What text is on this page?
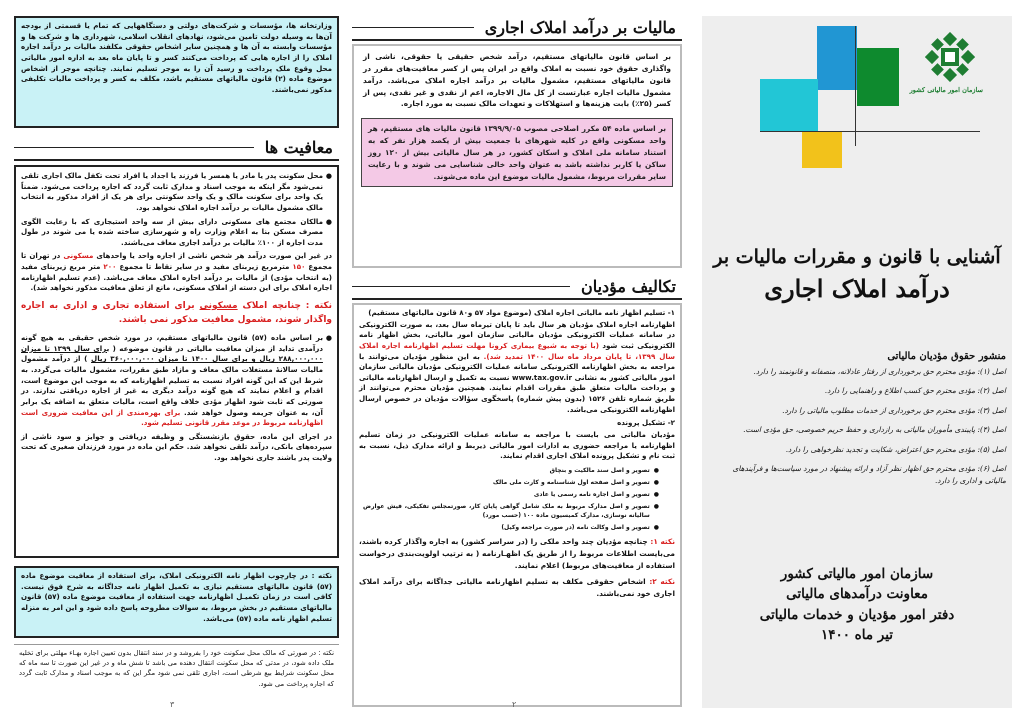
وزارتخانه ها، مؤسسات و شرکت‌های دولتی و دستگاههایی که تمام یا قسمتی از بودجه آن‌ها به وسیله دولت تامین می‌شود، نهادهای انقلاب اسلامی، شهرداری ها و شرکت ها و مؤسسات وابسته به آن ها و همچنین سایر اشخاص حقوقی مکلفند مالیات بر درآمد اجاره املاک را از اجاره هایی که پرداخت می‌کنند کسر و تا پایان ماه بعد به اداره امور مالیاتی محل وقوع ملک پرداخت و رسید آن را به موجر تسلیم نمایند. چنانچه موجر از اشخاص موضوع ماده (۲) قانون مالیاتهای مستقیم باشد، مکلف به کسر و پرداخت مالیات تکلیفی مذکور نمی‌باشند.

معافیت ها

● محل سکونت پدر یا مادر یا همسر یا فرزند یا اجداد یا افراد تحت تکفل مالک اجاری تلقی نمی‌شود مگر اینکه به موجب اسناد و مدارک ثابت گردد که اجاره پرداخت می‌شود. ضمناً یک واحد برای سکونت مالک و یک واحد سکونتی برای هر یک از افراد مذکور به انتخاب مالک مشمول مالیات بر درآمد اجاره املاک نخواهد بود.

● مالکان مجتمع های مسکونی دارای بیش از سه واحد استیجاری که با رعایت الگوی مصرف مسکن بنا به اعلام وزارت راه و شهرسازی ساخته شده یا می شوند در طول مدت اجاره از ۱۰۰٪ مالیات بر درآمد اجاری معاف می‌باشند.

در غیر این صورت درآمد هر شخص ناشی از اجاره واحد یا واحدهای مسکونی در تهران تا مجموع ۱۵۰ مترمربع زیربنای مفید و در سایر نقاط تا مجموع ۲۰۰ متر مربع زیربنای مفید (به انتخاب مؤدی) از مالیات بر درآمد اجاره املاک معاف می‌باشد. (عدم تسلیم اظهارنامه اجاره املاک برای این دسته از املاک مسکونی، مانع از تعلق معافیت مذکور نخواهد شد).

نکته : چنانچه املاک مسکونی برای استفاده تجاری و اداری به اجاره واگذار شوند، مشمول معافیت مذکور نمی باشند.

● بر اساس ماده (۵۷) قانون مالیاتهای مستقیم، در مورد شخص حقیقی به هیچ گونه درآمدی تداید از میزان معافیت مالیاتی در قانون موضوعه ( برای سال ۱۳۹۹ تا میزان ۲۸۸,۰۰۰,۰۰۰ ریال و برای سال ۱۴۰۰ تا میزان ۳۶۰,۰۰۰,۰۰۰ ریال ) از درآمد مشمول مالیات سالانهٔ مستغلات مالک معاف و مازاد طبق مقررات، مشمول مالیات می‌گردد. به شرط این که این گونه افراد نسبت به تسلیم اظهارنامه که به موجب این موضوع است، اقدام و اعلام نمایند که هیچ گونه درآمد دیگری به غیر از اجاره دریافتی ندارند. در صورتی که ثابت شود اظهار مؤدی خلاف واقع است، مالیات متعلق به اضافه یک برابر آن، به عنوان جریمه وصول خواهد شد. برای بهره‌مندی از این معافیت ضروری است اظهارنامه مربوط در موعد مقرر قانونی تسلیم شود.

در اجرای این ماده، حقوق بازنشستگی و وظیفه دریافتی و جوایز و سود ناشی از سپرده‌های بانکی، درآمد تلقی نخواهد شد. حکم این ماده در مورد فرزندان صغیری که تحت ولایت پدر باشند جاری نخواهد بود.

نکته : در چارچوب اظهار نامه الکترونیکی املاک، برای استفاده از معافیت موضوع ماده (۵۷) قانون مالیاتهای مستقیم نیازی به تکمیل اظهار نامه جداگانه به شرح فوق نیست. کافی است در زمان تکمیـل اظهارنامه جهت استفاده از معافیت موضوع ماده (۵۷) قانون مالیاتهای مستقیم در بخش مربوط، به سوالات مطروحه پاسخ داده شود و این امر به منزله تسلیم اظهار نامه ماده (۵۷) می‌باشد.

نکته : در صورتی که مالک محل سکونت خود را بفروشد و در سند انتقال بدون تعیین اجاره بهـاء مهلتی برای تخلیه ملک داده شود، در مدتی که محل سکونت انتقال دهنده می باشد تا شش ماه و در غیر این صورت تا سه ماه که محل سکونت شرایط بیع شرطی است، اجاری تلقی نمی شود مگر این که به موجب اسناد و مدارک ثابت گردد که اجاره پرداخت می شود.

۳
مالیات بر درآمد املاک اجاری

بر اساس قانون مالیاتهای مستقیم، درآمد شخص حقیقی یا حقوقی، ناشی از واگذاری حقوق خود نسبت به املاک واقع در ایران پس از کسر معافیت‌های مقرر در قانون مالیاتهای مستقیم، مشمول مالیات بر درآمد اجاره املاک می‌باشد. درآمد مشمول مالیات اجاره عبارتست از کل مال الاجاره، اعم از نقدی و غیر نقدی، پس از کسر (۲۵٪) بابت هزینه‌ها و استهلاکات و تعهدات مالک نسبت به مورد اجاره.

بر اساس ماده ۵۴ مکرر اصلاحی مصوب ۱۳۹۹/۹/۰۵ قانون مالیات های مستقیم، هر واحد مسکونی واقع در کلیه شهرهای با جمعیت بیش از یکصد هزار نفر که به استناد سامانه ملی املاک و اسکان کشور، در هر سال مالیاتی بیش از ۱۲۰ روز ساکن یا کاربر نداشته باشد به عنوان واحد خالی شناسایی می شوند و با رعایت سایر مقررات مربوط، مشمول مالیات موضوع این ماده می‌شوند.

تکالیف مؤدیان

۱- تسلیم اظهار نامه مالیاتی اجاره املاک (موضوع مواد ۵۷ و۸۰ قانون مالیاتهای مستقیم)

اظهارنامه اجاره املاک مؤدیان هر سال باید تا پایان تیرماه سال بعد، به صورت الکترونیکی در سامانه عملیات الکترونیکی مؤدیان مالیاتی سازمان امور مالیاتی، بخش اظهار نامه الکترونیکی ثبت شود (با توجه به شیوع بیماری کرونا مهلت تسلیم اظهارنامه اجاره املاک سال ۱۳۹۹، تا پایان مرداد ماه سال ۱۴۰۰ تمدید شد). به این منظور مؤدیان می‌توانند با مراجعه به بخش اظهارنامه الکترونیکی سامانه عملیات الکترونیکی مؤدیان مالیاتی سازمان امور مالیاتی کشور به نشانی www.tax.gov.ir نسبت به تکمیل و ارسال اظهارنامه مالیاتی و پرداخت مالیات متعلق طبق مقررات اقدام نمایند. همچنین مؤدیان محترم می‌توانند از طریق شماره تلفن ۱۵۲۶ (بدون پیش شماره) پاسخگوی سؤالات مؤدیان در خصوص ارسال اظهارنامه الکترونیکی می‌باشد.

۲- تشکیل پرونده

مؤدیان مالیاتی می بایست با مراجعه به سامانه عملیات الکترونیکی در زمان تسلیم اظهارنامه یا مراجعه حضوری به ادارات امور مالیاتی ذیربط و ارائه مدارک ذیل، نسبت به ثبت نام و تشکیل پرونده املاک اجاری اقدام نمایند.

●
تصویر و اصل سند مالکیت و بنچاق
●
تصویر و اصل صفحه اول شناسنامه و کارت ملی مالک
●
تصویر و اصل اجاره نامه رسمی یا عادی
●
تصویر و اصل مدارک مربوط به ملک شامل گواهی پایان کار، صورتمجلس تفکیکی، فیش عوارض سالیانه نوسازی، مدارک کمیسیون ماده ۱۰۰ (حسب مورد)
●
تصویر و اصل وکالت نامه (در صورت مراجعه وکیل)

نکته ۱: چنانچه مؤدیان چند واحد ملکی را (در سراسر کشور) به اجاره واگذار کرده باشند، می‌بایست اطلاعات مربوط را از طریق یک اظهـارنامه ( به ترتیب اولویت‌بندی درخواست استفاده از معافیت‌های مربوط) اعلام نمایند.

نکته ۲: اشخاص حقوقی مکلف به تسلیم اظهارنامه مالیاتی جداگانه برای درآمد املاک اجاری خود نمی‌باشند.

۲
سازمان امور مالیاتی کشور
آشنایی با قانون و مقررات مالیات بر
درآمد املاک اجاری
منشور حقوق مؤدیان مالیاتی
اصل (۱): مؤدی محترم حق برخورداری از رفتار عادلانه، منصفانه و قانونمند را دارد.
اصل (۲): مؤدی محترم حق کسب اطلاع و راهنمایی را دارد.
اصل (۳): مؤدی محترم حق برخورداری از خدمات مطلوب مالیاتی را دارد.
اصل (۴): پایبندی مأموران مالیاتی به رازداری و حفظ حریم خصوصی، حق مؤدی است.
اصل (۵): مؤدی محترم حق اعتراض، شکایت و تجدید نظرخواهی را دارد.
اصل (۶): مؤدی محترم حق اظهار نظر آزاد و ارائه پیشنهاد در مورد سیاست‌ها و فرآیندهای مالیاتی و اداری را دارد.
سازمان امور مالیاتی کشور
معاونت درآمدهای مالیاتی
دفتر امور مؤدیان و خدمات مالیاتی
تیر ماه ۱۴۰۰
